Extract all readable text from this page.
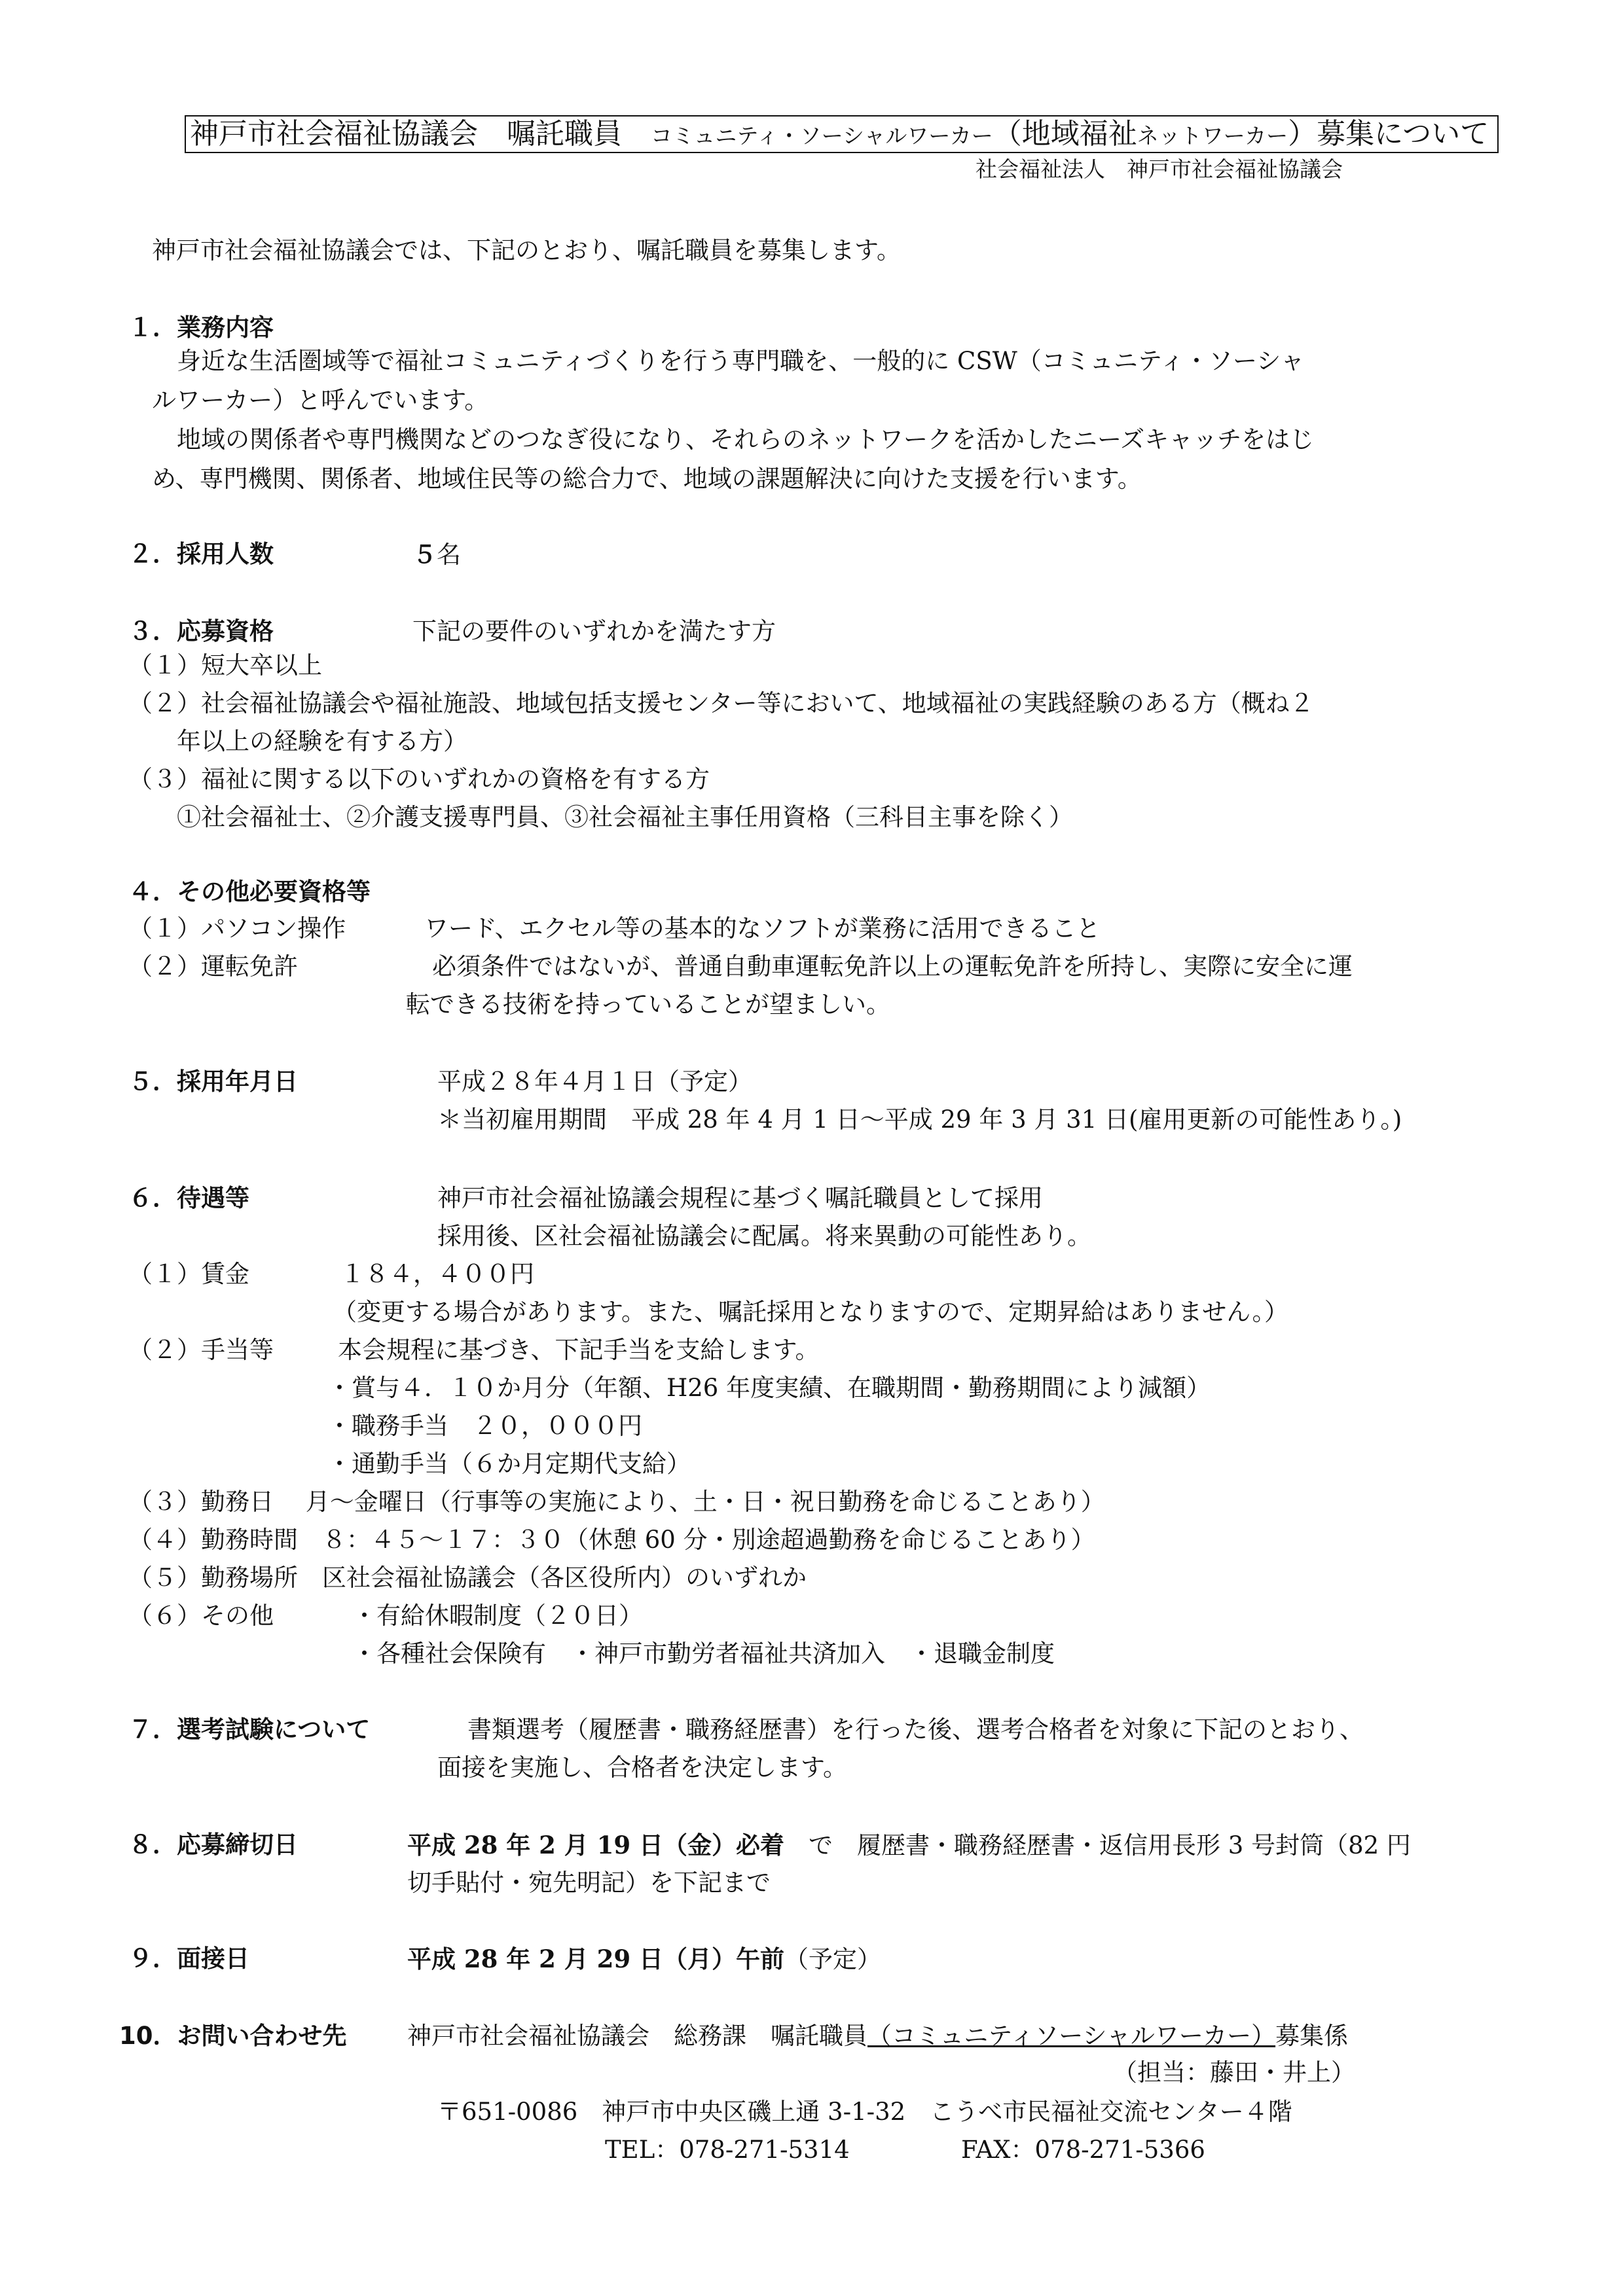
神戸市社会福祉協議会　嘱託職員　 コミュニティ・ソーシャルワーカー（地域福祉ネットワーカー）募集について
社会福祉法人　神戸市社会福祉協議会
神戸市社会福祉協議会では、下記のとおり、嘱託職員を募集します。
１．業務内容
身近な生活圏域等で福祉コミュニティづくりを行う専門職を、一般的に CSW（コミュニティ・ソーシャ
ルワーカー）と呼んでいます。
地域の関係者や専門機関などのつなぎ役になり、それらのネットワークを活かしたニーズキャッチをはじ
め、専門機関、関係者、地域住民等の総合力で、地域の課題解決に向けた支援を行います。
２．採用人数	５名
３．応募資格	下記の要件のいずれかを満たす方
（１）短大卒以上
（２）社会福祉協議会や福祉施設、地域包括支援センター等において、地域福祉の実践経験のある方（概ね２
年以上の経験を有する方）
（３）福祉に関する以下のいずれかの資格を有する方
①社会福祉士、②介護支援専門員、③社会福祉主事任用資格（三科目主事を除く）
４．その他必要資格等
（１）パソコン操作	ワード、エクセル等の基本的なソフトが業務に活用できること
（２）運転免許	必須条件ではないが、普通自動車運転免許以上の運転免許を所持し、実際に安全に運
転できる技術を持っていることが望ましい。
５．採用年月日	平成２８年４月１日（予定）
＊当初雇用期間　平成 28 年 4 月 1 日～平成 29 年 3 月 31 日(雇用更新の可能性あり。)
６．待遇等	神戸市社会福祉協議会規程に基づく嘱託職員として採用
採用後、区社会福祉協議会に配属。将来異動の可能性あり。
（１）賃金	１８４，４００円
（変更する場合があります。また、嘱託採用となりますので、定期昇給はありません。）
（２）手当等	本会規程に基づき、下記手当を支給します。
・賞与４．１０か月分（年額、H26 年度実績、在職期間・勤務期間により減額）
・職務手当　２０，０００円
・通勤手当（６か月定期代支給）
（３）勤務日　 月～金曜日（行事等の実施により、土・日・祝日勤務を命じることあり）
（４）勤務時間　８：４５～１７：３０（休憩 60 分・別途超過勤務を命じることあり）
（５）勤務場所　区社会福祉協議会（各区役所内）のいずれか
（６）その他	・有給休暇制度（２０日）
・各種社会保険有　・神戸市勤労者福祉共済加入　・退職金制度
７．選考試験について	書類選考（履歴書・職務経歴書）を行った後、選考合格者を対象に下記のとおり、
面接を実施し、合格者を決定します。
８．応募締切日	平成 28 年 2 月 19 日（金）必着　 で　履歴書・職務経歴書・返信用長形 3 号封筒（82 円
切手貼付・宛先明記）を下記まで
９．面接日	平成 28 年 2 月 29 日（月）午前（予定）
10．お問い合わせ先	神戸市社会福祉協議会　総務課　嘱託職員（コミュニティソーシャルワーカー）募集係
（担当：藤田・井上）
〒651-0086　神戸市中央区磯上通 3-1-32　こうべ市民福祉交流センター４階
TEL：078-271-5314	FAX：078-271-5366
